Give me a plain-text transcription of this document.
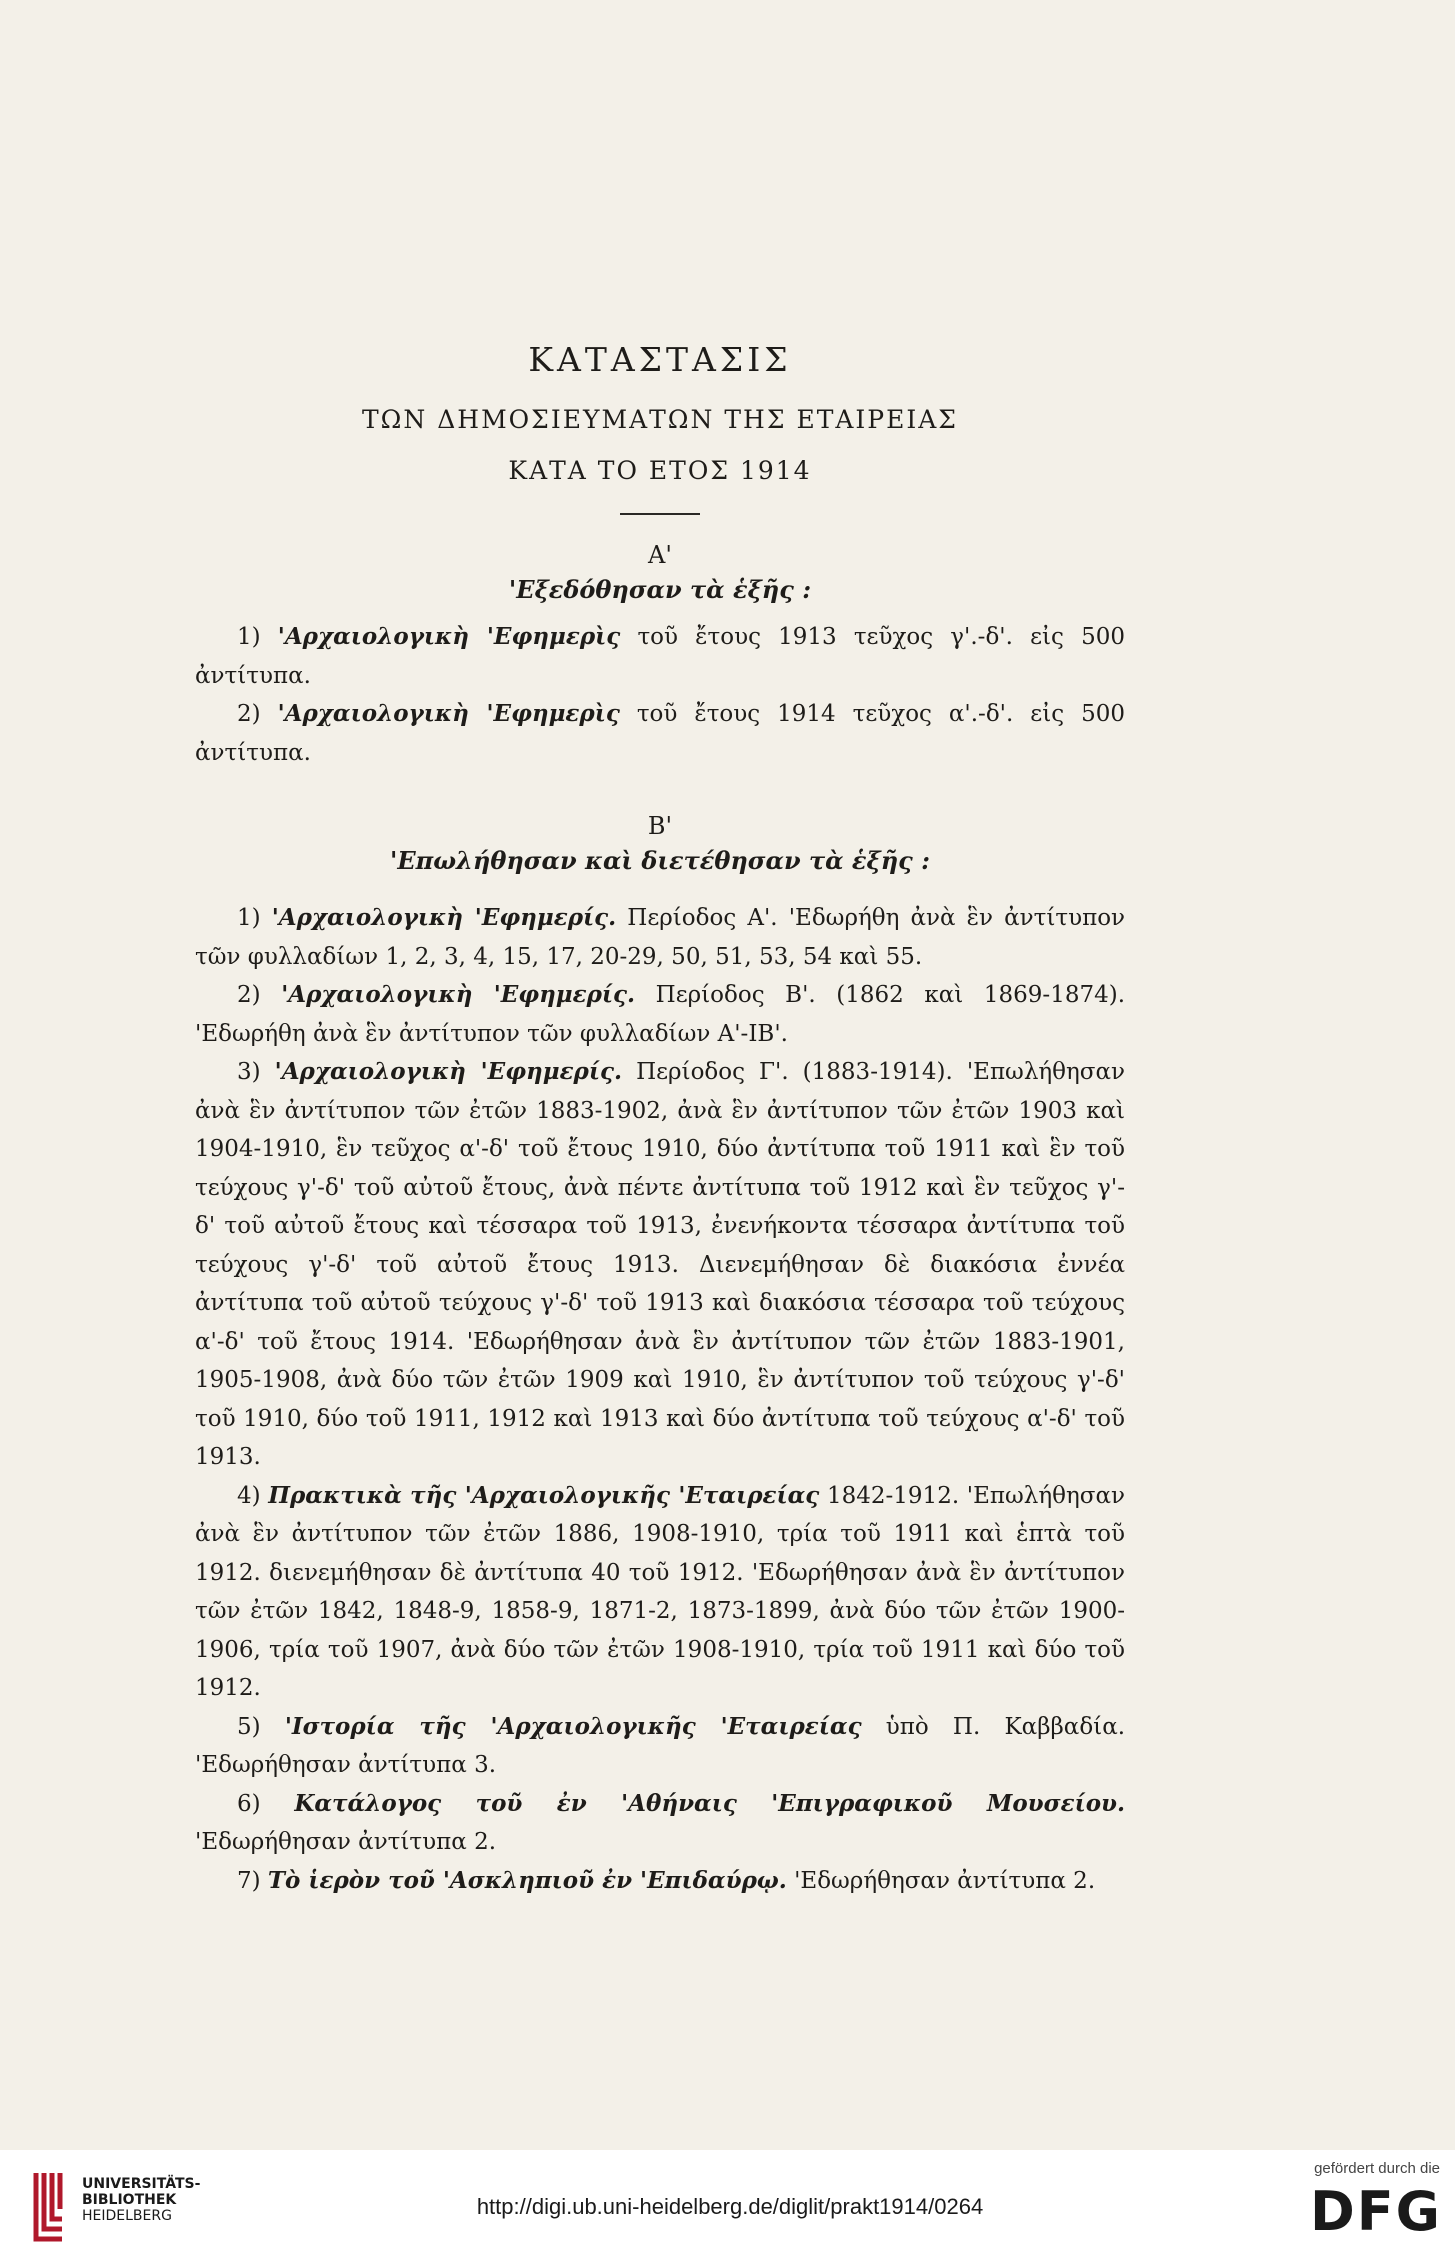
ΚΑΤΑΣΤΑΣΙΣ
ΤΩΝ ΔΗΜΟΣΙΕΥΜΑΤΩΝ ΤΗΣ ΕΤΑΙΡΕΙΑΣ
ΚΑΤΑ ΤΟ ΕΤΟΣ 1914
Α'
'Εξεδόθησαν τὰ ἑξῆς :

1) 'Αρχαιολογικὴ 'Εφημερὶς τοῦ ἔτους 1913 τεῦχος γ'.-δ'. εἰς 500 ἀντίτυπα.

2) 'Αρχαιολογικὴ 'Εφημερὶς τοῦ ἔτους 1914 τεῦχος α'.-δ'. εἰς 500 ἀντίτυπα.

Β'
'Επωλήθησαν καὶ διετέθησαν τὰ ἑξῆς :

1) 'Αρχαιολογικὴ 'Εφημερίς. Περίοδος Α'. 'Εδωρήθη ἀνὰ ἓν ἀντίτυπον τῶν φυλλαδίων 1, 2, 3, 4, 15, 17, 20-29, 50, 51, 53, 54 καὶ 55.

2) 'Αρχαιολογικὴ 'Εφημερίς. Περίοδος Β'. (1862 καὶ 1869-1874). 'Εδωρήθη ἀνὰ ἓν ἀντίτυπον τῶν φυλλαδίων Α'-ΙΒ'.

3) 'Αρχαιολογικὴ 'Εφημερίς. Περίοδος Γ'. (1883-1914). 'Επωλήθησαν ἀνὰ ἓν ἀντίτυπον τῶν ἐτῶν 1883-1902, ἀνὰ ἓν ἀντίτυπον τῶν ἐτῶν 1903 καὶ 1904-1910, ἓν τεῦχος α'-δ' τοῦ ἔτους 1910, δύο ἀντίτυπα τοῦ 1911 καὶ ἓν τοῦ τεύχους γ'-δ' τοῦ αὐτοῦ ἔτους, ἀνὰ πέντε ἀντίτυπα τοῦ 1912 καὶ ἓν τεῦχος γ'-δ' τοῦ αὐτοῦ ἔτους καὶ τέσσαρα τοῦ 1913, ἐνενήκοντα τέσσαρα ἀντίτυπα τοῦ τεύχους γ'-δ' τοῦ αὐτοῦ ἔτους 1913. Διενεμήθησαν δὲ διακόσια ἐννέα ἀντίτυπα τοῦ αὐτοῦ τεύχους γ'-δ' τοῦ 1913 καὶ διακόσια τέσσαρα τοῦ τεύχους α'-δ' τοῦ ἔτους 1914. 'Εδωρήθησαν ἀνὰ ἓν ἀντίτυπον τῶν ἐτῶν 1883-1901, 1905-1908, ἀνὰ δύο τῶν ἐτῶν 1909 καὶ 1910, ἓν ἀντίτυπον τοῦ τεύχους γ'-δ' τοῦ 1910, δύο τοῦ 1911, 1912 καὶ 1913 καὶ δύο ἀντίτυπα τοῦ τεύχους α'-δ' τοῦ 1913.

4) Πρακτικὰ τῆς 'Αρχαιολογικῆς 'Εταιρείας 1842-1912. 'Επωλήθησαν ἀνὰ ἓν ἀντίτυπον τῶν ἐτῶν 1886, 1908-1910, τρία τοῦ 1911 καὶ ἑπτὰ τοῦ 1912. διενεμήθησαν δὲ ἀντίτυπα 40 τοῦ 1912. 'Εδωρήθησαν ἀνὰ ἓν ἀντίτυπον τῶν ἐτῶν 1842, 1848-9, 1858-9, 1871-2, 1873-1899, ἀνὰ δύο τῶν ἐτῶν 1900-1906, τρία τοῦ 1907, ἀνὰ δύο τῶν ἐτῶν 1908-1910, τρία τοῦ 1911 καὶ δύο τοῦ 1912.

5) 'Ιστορία τῆς 'Αρχαιολογικῆς 'Εταιρείας ὑπὸ Π. Καββαδία. 'Εδωρήθησαν ἀντίτυπα 3.

6) Κατάλογος τοῦ ἐν 'Αθήναις 'Επιγραφικοῦ Μουσείου. 'Εδωρήθησαν ἀντίτυπα 2.

7) Τὸ ἱερὸν τοῦ 'Ασκληπιοῦ ἐν 'Επιδαύρῳ. 'Εδωρήθησαν ἀντίτυπα 2.

UNIVERSITÄTS-
BIBLIOTHEK
HEIDELBERG	http://digi.ub.uni-heidelberg.de/diglit/prakt1914/0264
gefördert durch die
DFG
